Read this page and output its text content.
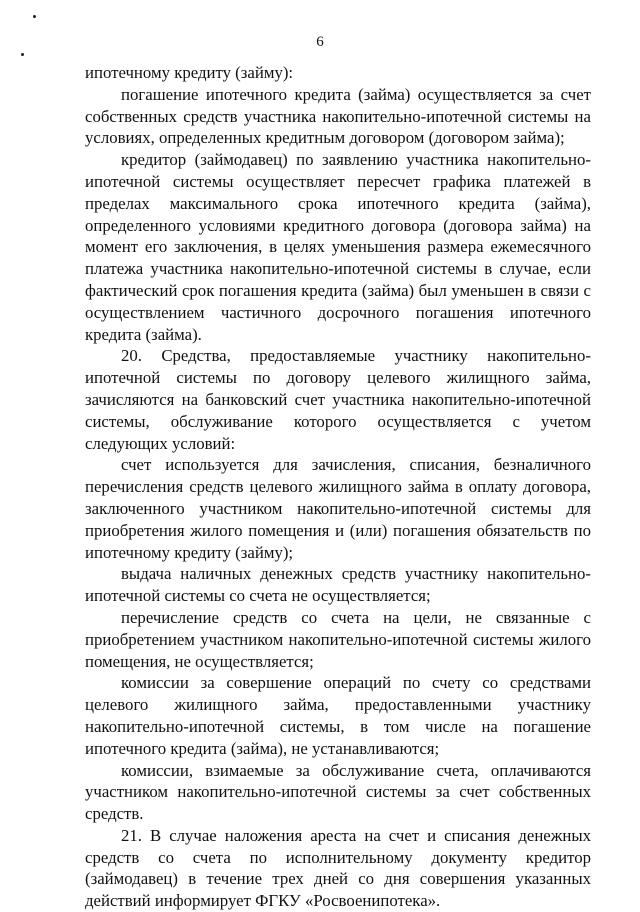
6

ипотечному кредиту (займу):

погашение ипотечного кредита (займа) осуществляется за счет собственных средств участника накопительно-ипотечной системы на условиях, определенных кредитным договором (договором займа);

кредитор (займодавец) по заявлению участника накопительно-ипотечной системы осуществляет пересчет графика платежей в пределах максимального срока ипотечного кредита (займа), определенного условиями кредитного договора (договора займа) на момент его заключения, в целях уменьшения размера ежемесячного платежа участника накопительно-ипотечной системы в случае, если фактический срок погашения кредита (займа) был уменьшен в связи с осуществлением частичного досрочного погашения ипотечного кредита (займа).

20. Средства, предоставляемые участнику накопительно-ипотечной системы по договору целевого жилищного займа, зачисляются на банковский счет участника накопительно-ипотечной системы, обслуживание которого осуществляется с учетом следующих условий:

счет используется для зачисления, списания, безналичного перечисления средств целевого жилищного займа в оплату договора, заключенного участником накопительно-ипотечной системы для приобретения жилого помещения и (или) погашения обязательств по ипотечному кредиту (займу);

выдача наличных денежных средств участнику накопительно-ипотечной системы со счета не осуществляется;

перечисление средств со счета на цели, не связанные с приобретением участником накопительно-ипотечной системы жилого помещения, не осуществляется;

комиссии за совершение операций по счету со средствами целевого жилищного займа, предоставленными участнику накопительно-ипотечной системы, в том числе на погашение ипотечного кредита (займа), не устанавливаются;

комиссии, взимаемые за обслуживание счета, оплачиваются участником накопительно-ипотечной системы за счет собственных средств.

21. В случае наложения ареста на счет и списания денежных средств со счета по исполнительному документу кредитор (займодавец) в течение трех дней со дня совершения указанных действий информирует ФГКУ «Росвоенипотека».
